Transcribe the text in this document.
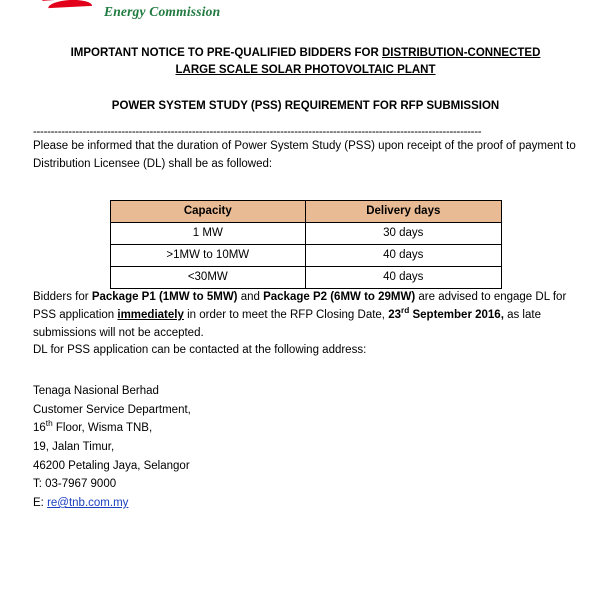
Energy Commission
IMPORTANT NOTICE TO PRE-QUALIFIED BIDDERS FOR DISTRIBUTION-CONNECTED
LARGE SCALE SOLAR PHOTOVOLTAIC PLANT
POWER SYSTEM STUDY (PSS) REQUIREMENT FOR RFP SUBMISSION
-------------------------------------------------------------------------------------------------------------------------------

Please be informed that the duration of Power System Study (PSS) upon receipt of the proof of payment to Distribution Licensee (DL) shall be as followed:

Capacity	Delivery days
1 MW	30 days
>1MW to 10MW	40 days
<30MW	40 days

Bidders for Package P1 (1MW to 5MW) and Package P2 (6MW to 29MW) are advised to engage DL for PSS application immediately in order to meet the RFP Closing Date, 23rd September 2016, as late submissions will not be accepted.

DL for PSS application can be contacted at the following address:

Tenaga Nasional Berhad
Customer Service Department,
16th Floor, Wisma TNB,
19, Jalan Timur,
46200 Petaling Jaya, Selangor
T: 03-7967 9000
E: re@tnb.com.my
